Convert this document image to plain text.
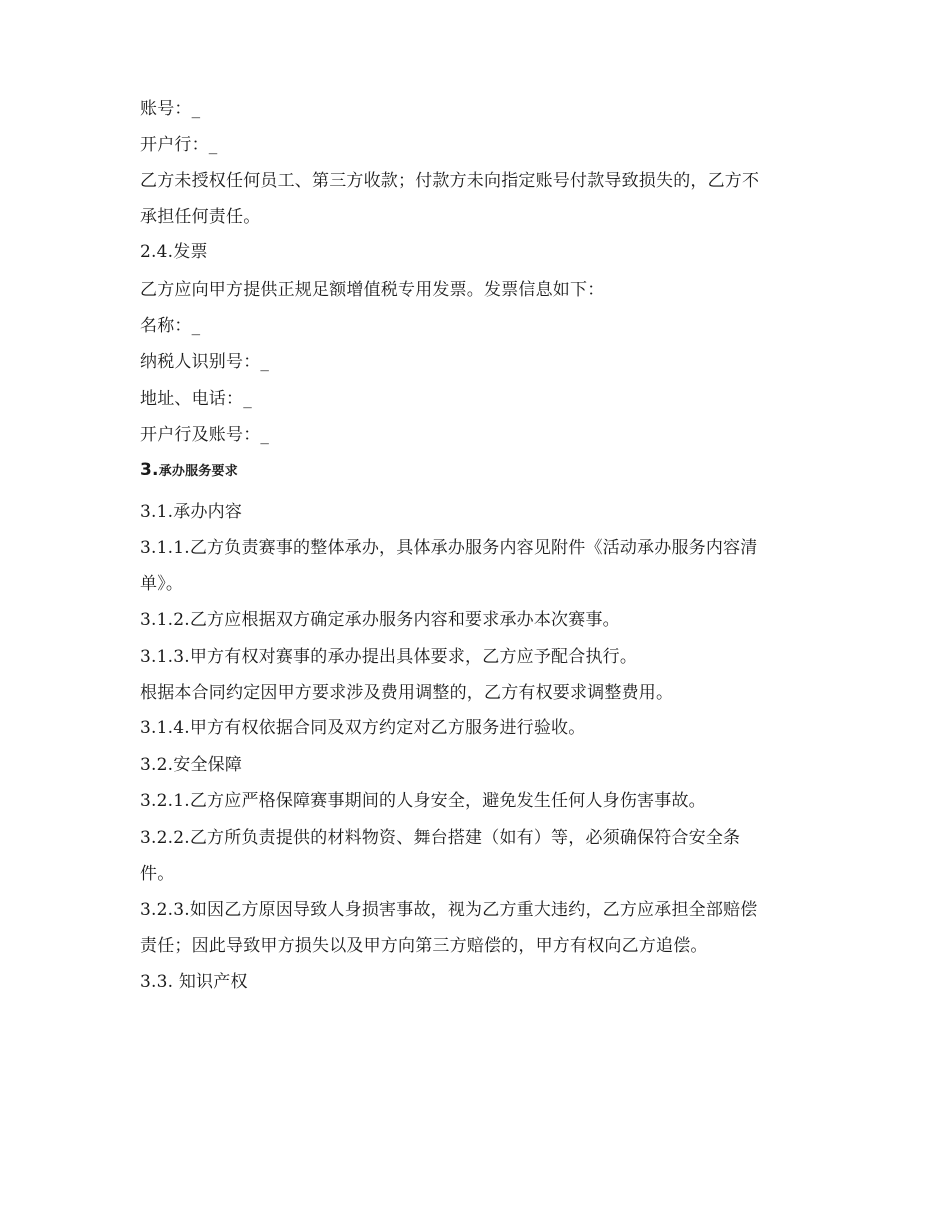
账号：_
开户行：_
乙方未授权任何员工、第三方收款；付款方未向指定账号付款导致损失的，乙方不
承担任何责任。
2.4.发票
乙方应向甲方提供正规足额增值税专用发票。发票信息如下：
名称：_
纳税人识别号：_
地址、电话：_
开户行及账号：_
3.承办服务要求
3.1.承办内容
3.1.1.乙方负责赛事的整体承办，具体承办服务内容见附件《活动承办服务内容清
单》。
3.1.2.乙方应根据双方确定承办服务内容和要求承办本次赛事。
3.1.3.甲方有权对赛事的承办提出具体要求，乙方应予配合执行。
根据本合同约定因甲方要求涉及费用调整的，乙方有权要求调整费用。
3.1.4.甲方有权依据合同及双方约定对乙方服务进行验收。
3.2.安全保障
3.2.1.乙方应严格保障赛事期间的人身安全，避免发生任何人身伤害事故。
3.2.2.乙方所负责提供的材料物资、舞台搭建（如有）等，必须确保符合安全条
件。
3.2.3.如因乙方原因导致人身损害事故，视为乙方重大违约，乙方应承担全部赔偿
责任；因此导致甲方损失以及甲方向第三方赔偿的，甲方有权向乙方追偿。
3.3. 知识产权
